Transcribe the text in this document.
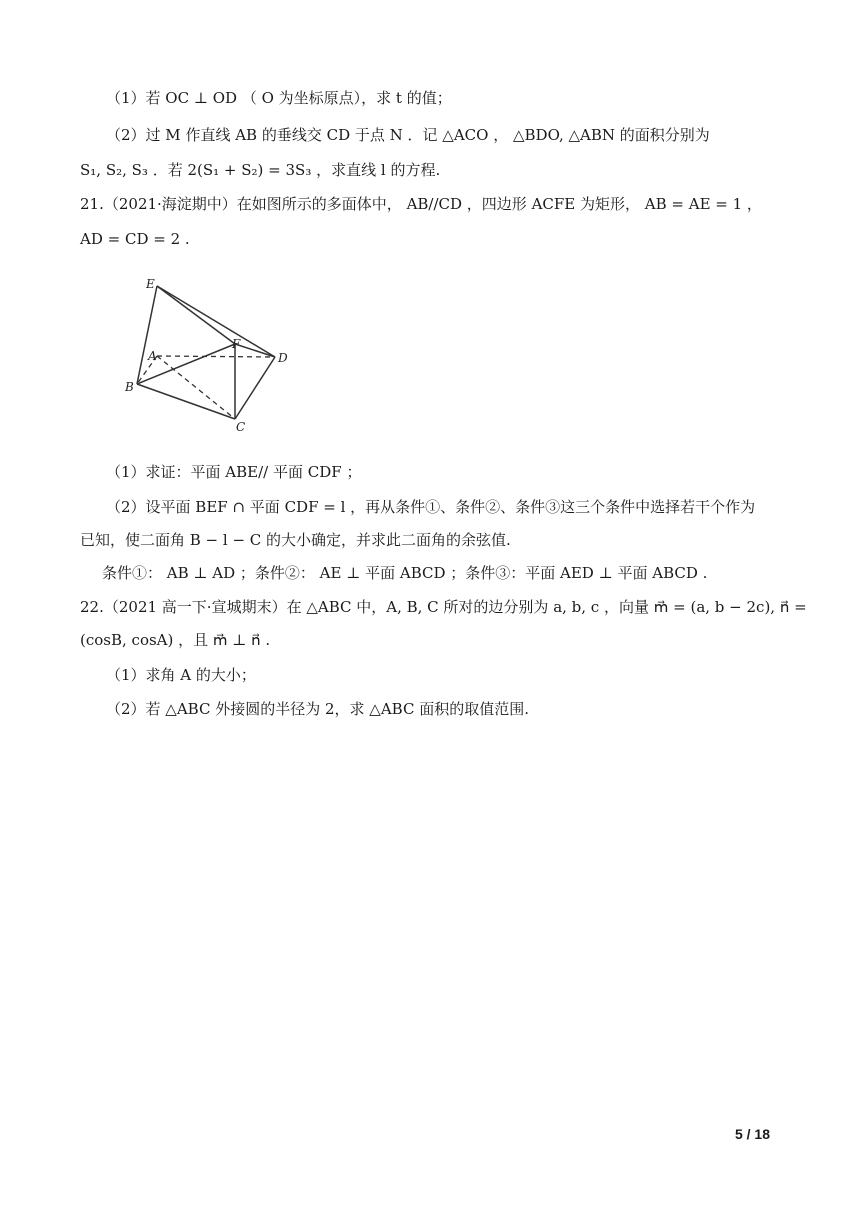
（1）若 OC ⊥ OD （ O 为坐标原点），求 t 的值；
（2）过 M 作直线 AB 的垂线交 CD 于点 N ．记 △ACO ， △BDO, △ABN 的面积分别为
S₁, S₂, S₃ ．若 2(S₁ + S₂) = 3S₃ ，求直线 l 的方程.
21.（2021·海淀期中）在如图所示的多面体中， AB//CD ，四边形 ACFE 为矩形， AB = AE = 1 ，
AD = CD = 2 .
E
A
F
D
B
C
（1）求证：平面 ABE// 平面 CDF ；
（2）设平面 BEF ∩ 平面 CDF = l ，再从条件①、条件②、条件③这三个条件中选择若干个作为
已知，使二面角 B − l − C 的大小确定，并求此二面角的余弦值.
条件①： AB ⊥ AD ；条件②： AE ⊥ 平面 ABCD ；条件③：平面 AED ⊥ 平面 ABCD .
22.（2021 高一下·宣城期末）在 △ABC 中，A, B, C 所对的边分别为 a, b, c ，向量 m⃗ = (a, b − 2c), n⃗ =
(cosB, cosA) ，且 m⃗ ⊥ n⃗ .
（1）求角 A 的大小；
（2）若 △ABC 外接圆的半径为 2，求 △ABC 面积的取值范围.
5 / 18
